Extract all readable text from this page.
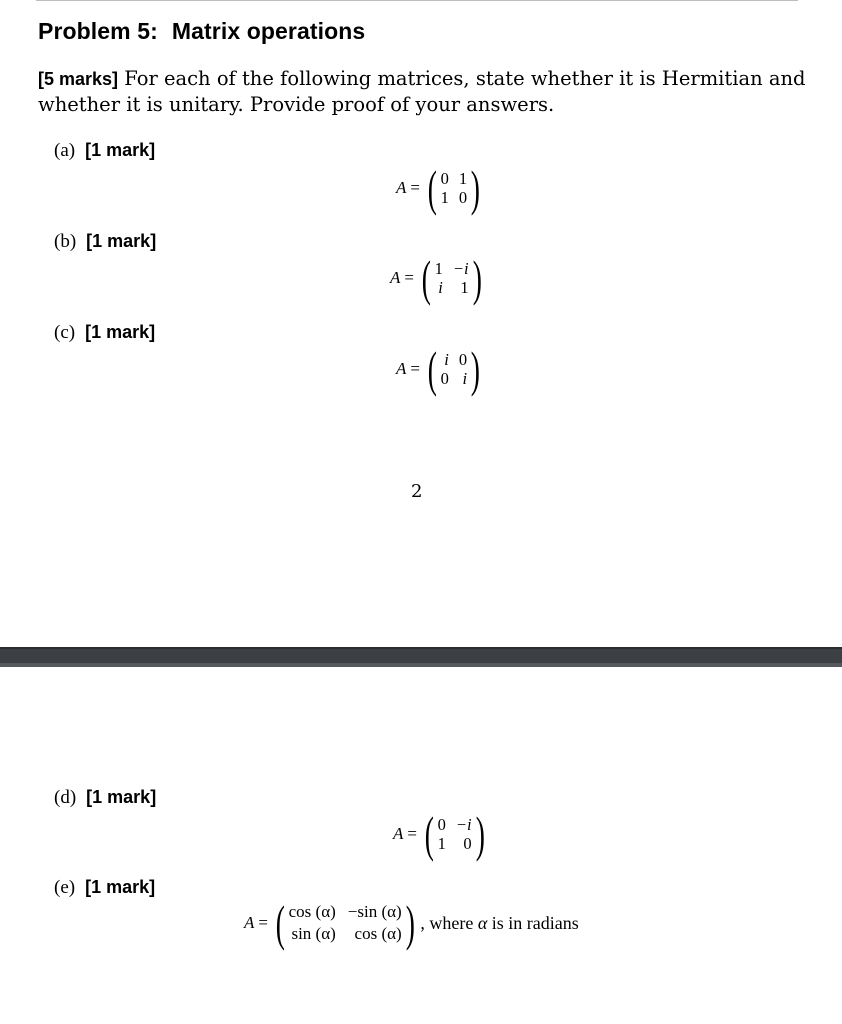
Problem 5: Matrix operations

[5 marks] For each of the following matrices, state whether it is Hermitian and whether it is unitary. Provide proof of your answers.

(a) [1 mark]
A = ( 0 1
1 0 )
(b) [1 mark]
A = ( 1 −i
i	1 )
(c) [1 mark]
A = ( i 0
0 i )
2
(d) [1 mark]
A = ( 0 −i
1	0 )
(e) [1 mark]
A = ( cos (α) −sin (α)
sin (α)	cos (α) ) , where α is in radians
